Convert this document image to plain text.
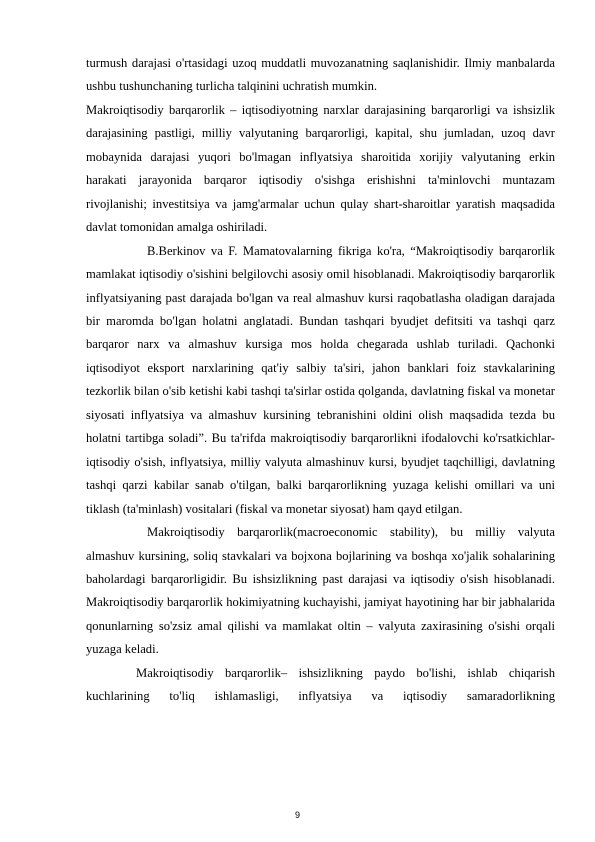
turmush darajasi o'rtasidagi uzoq muddatli muvozanatning saqlanishidir. Ilmiy manbalarda ushbu tushunchaning turlicha talqinini uchratish mumkin.

Makroiqtisodiy barqarorlik – iqtisodiyotning narxlar darajasining barqarorligi va ishsizlik darajasining pastligi, milliy valyutaning barqarorligi, kapital, shu jumladan, uzoq davr mobaynida darajasi yuqori bo'lmagan inflyatsiya sharoitida xorijiy valyutaning erkin harakati jarayonida barqaror iqtisodiy o'sishga erishishni ta'minlovchi muntazam rivojlanishi; investitsiya va jamg'armalar uchun qulay shart-sharoitlar yaratish maqsadida davlat tomonidan amalga oshiriladi.

B.Berkinov va F. Mamatovalarning fikriga ko'ra, “Makroiqtisodiy barqarorlik mamlakat iqtisodiy o'sishini belgilovchi asosiy omil hisoblanadi. Makroiqtisodiy barqarorlik inflyatsiyaning past darajada bo'lgan va real almashuv kursi raqobatlasha oladigan darajada bir maromda bo'lgan holatni anglatadi. Bundan tashqari byudjet defitsiti va tashqi qarz barqaror narx va almashuv kursiga mos holda chegarada ushlab turiladi. Qachonki iqtisodiyot eksport narxlarining qat'iy salbiy ta'siri, jahon banklari foiz stavkalarining tezkorlik bilan o'sib ketishi kabi tashqi ta'sirlar ostida qolganda, davlatning fiskal va monetar siyosati inflyatsiya va almashuv kursining tebranishini oldini olish maqsadida tezda bu holatni tartibga soladi”. Bu ta'rifda makroiqtisodiy barqarorlikni ifodalovchi ko'rsatkichlar-iqtisodiy o'sish, inflyatsiya, milliy valyuta almashinuv kursi, byudjet taqchilligi, davlatning tashqi qarzi kabilar sanab o'tilgan, balki barqarorlikning yuzaga kelishi omillari va uni tiklash (ta'minlash) vositalari (fiskal va monetar siyosat) ham qayd etilgan.

Makroiqtisodiy barqarorlik(macroeconomic stability), bu milliy valyuta almashuv kursining, soliq stavkalari va bojxona bojlarining va boshqa xo'jalik sohalarining baholardagi barqarorligidir. Bu ishsizlikning past darajasi va iqtisodiy o'sish hisoblanadi. Makroiqtisodiy barqarorlik hokimiyatning kuchayishi, jamiyat hayotining har bir jabhalarida qonunlarning so'zsiz amal qilishi va mamlakat oltin – valyuta zaxirasining o'sishi orqali yuzaga keladi.

Makroiqtisodiy barqarorlik– ishsizlikning paydo bo'lishi, ishlab chiqarish kuchlarining to'liq ishlamasligi, inflyatsiya va iqtisodiy samaradorlikning

9
